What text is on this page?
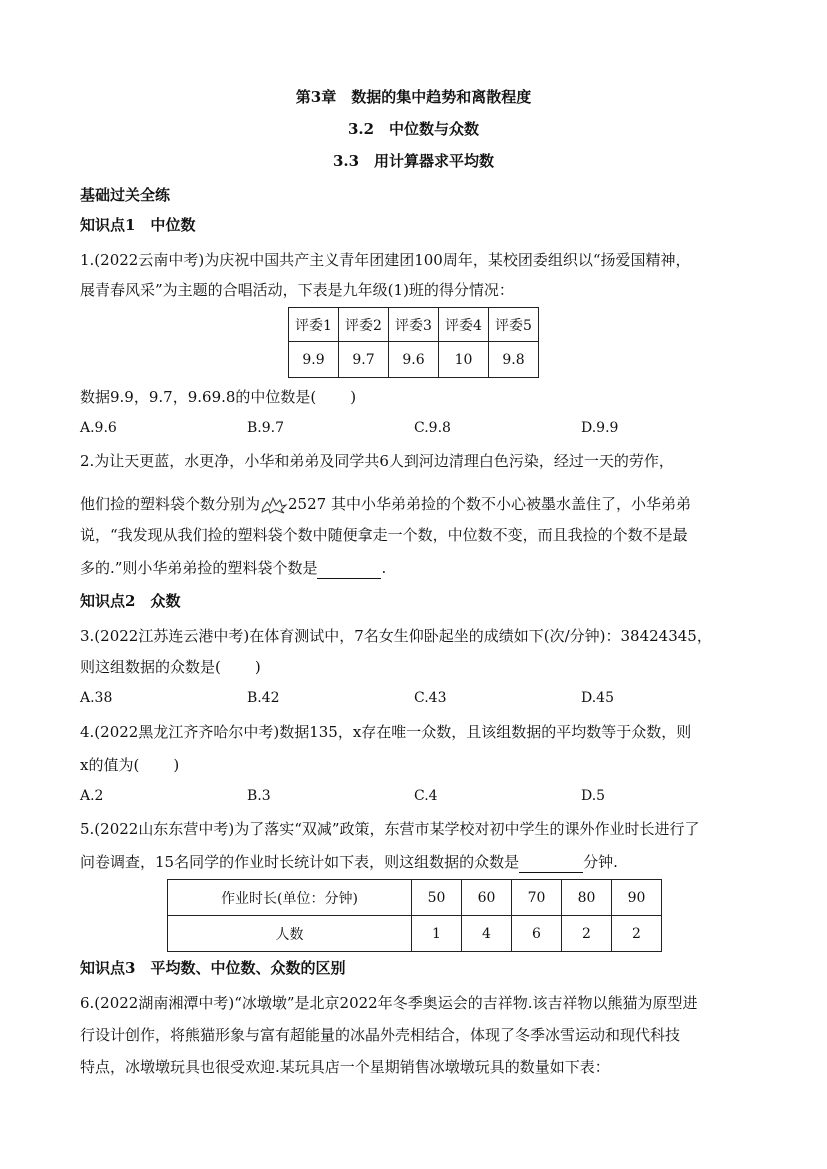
第3章　数据的集中趋势和离散程度
3.2　中位数与众数
3.3　用计算器求平均数
基础过关全练
知识点1　中位数
1.(2022云南中考)为庆祝中国共产主义青年团建团100周年，某校团委组织以“扬爱国精神，
展青春风采”为主题的合唱活动，下表是九年级(1)班的得分情况：
评委1	评委2	评委3	评委4	评委5
9.9	9.7	9.6	10	9.8
数据9.9，9.7，9.69.8的中位数是( )
A.9.6	B.9.7	C.9.8	D.9.9
2.为让天更蓝，水更净，小华和弟弟及同学共6人到河边清理白色污染，经过一天的劳作，
他们捡的塑料袋个数分别为 2527 其中小华弟弟捡的个数不小心被墨水盖住了，小华弟弟
说，“我发现从我们捡的塑料袋个数中随便拿走一个数，中位数不变，而且我捡的个数不是最
多的.”则小华弟弟捡的塑料袋个数是	.
知识点2　众数
3.(2022江苏连云港中考)在体育测试中，7名女生仰卧起坐的成绩如下(次/分钟)：38424345，
则这组数据的众数是( )
A.38	B.42	C.43	D.45
4.(2022黑龙江齐齐哈尔中考)数据135，x存在唯一众数，且该组数据的平均数等于众数，则
x的值为( )
A.2	B.3	C.4	D.5
5.(2022山东东营中考)为了落实“双减”政策，东营市某学校对初中学生的课外作业时长进行了
问卷调查，15名同学的作业时长统计如下表，则这组数据的众数是	分钟.
作业时长(单位：分钟)	50	60	70	80	90
人数	1	4	6	2	2
知识点3　平均数、中位数、众数的区别
6.(2022湖南湘潭中考)“冰墩墩”是北京2022年冬季奥运会的吉祥物.该吉祥物以熊猫为原型进
行设计创作，将熊猫形象与富有超能量的冰晶外壳相结合，体现了冬季冰雪运动和现代科技
特点，冰墩墩玩具也很受欢迎.某玩具店一个星期销售冰墩墩玩具的数量如下表：
